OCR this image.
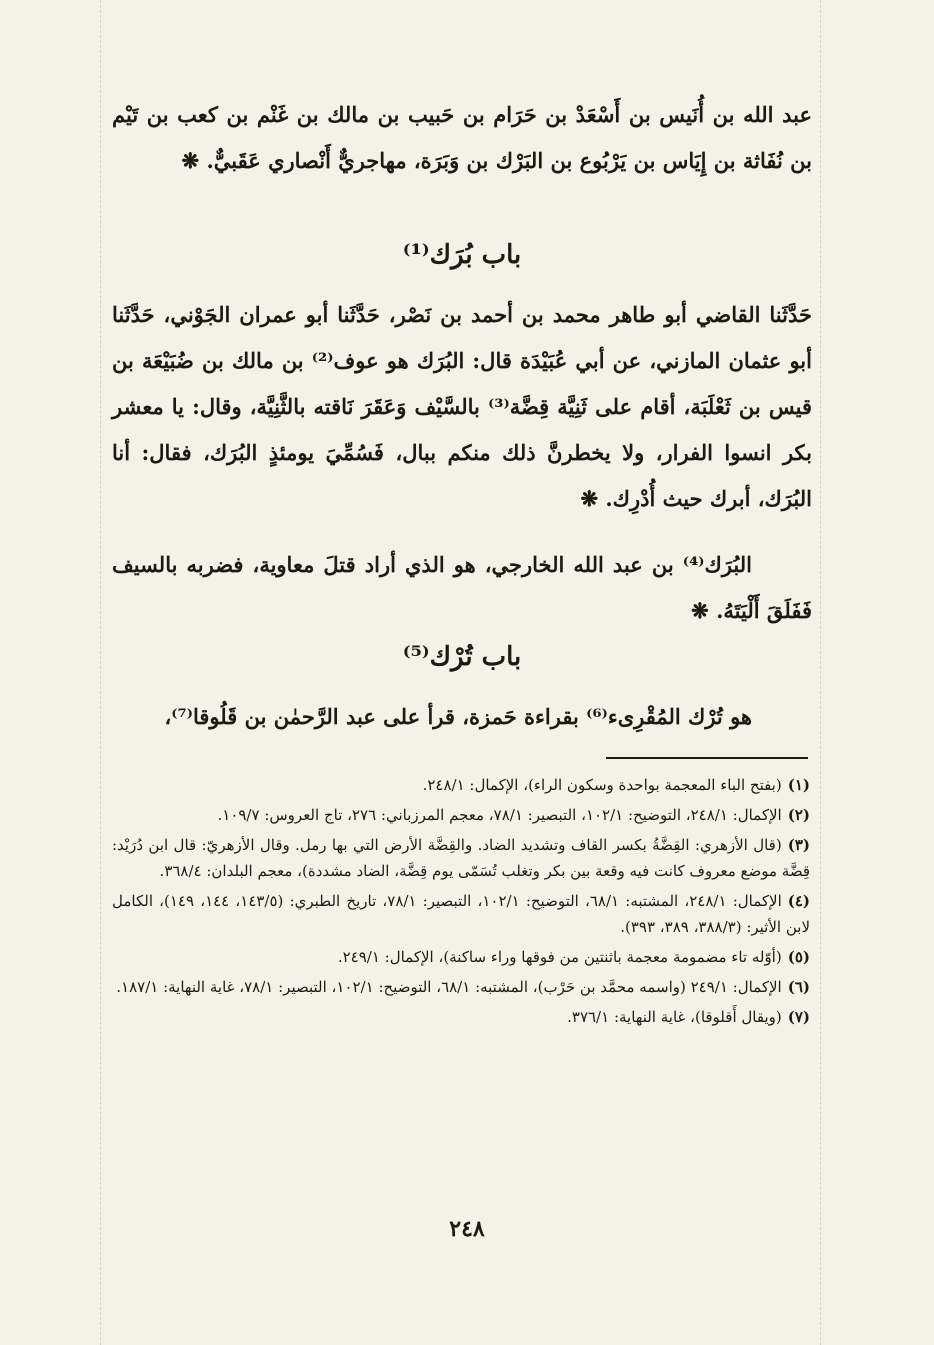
عبد الله بن أُنَيس بن أَسْعَدْ بن حَرَام بن حَبيب بن مالك بن غَنْم بن كعب بن تَيْم بن نُفَاثة بن إِيَاس بن يَرْبُوع بن البَرْك بن وَبَرَة، مهاجريٌّ أَنْصاري عَقَبيٌّ. ❋
باب بُرَك⁽¹⁾
حَدَّثَنا القاضي أبو طاهر محمد بن أحمد بن نَصْر، حَدَّثَنا أبو عمران الجَوْني، حَدَّثَنا أبو عثمان المازني، عن أبي عُبَيْدَة قال: البُرَك هو عوف⁽²⁾ بن مالك بن ضُبَيْعَة بن قيس بن ثَعْلَبَة، أقام على ثَنِيَّة قِضَّة⁽³⁾ بالسَّيْف وَعَقَرَ نَاقته بالثَّنِيَّة، وقال: يا معشر بكر انسوا الفرار، ولا يخطرنَّ ذلك منكم ببال، فَسُمِّيَ يومئذٍ البُرَك، فقال: أنا البُرَك، أبرك حيث أُدْرِك. ❋
البُرَك⁽⁴⁾ بن عبد الله الخارجي، هو الذي أراد قتلَ معاوية، فضربه بالسيف فَفَلَقَ أَلْيَتَهُ. ❋
باب تُرْك⁽⁵⁾
هو تُرْك المُقْرِىء⁽⁶⁾ بقراءة حَمزة، قرأ على عبد الرَّحمٰن بن قَلُوقا⁽⁷⁾،
(١)(بفتح الباء المعجمة بواحدة وسكون الراء)، الإكمال: ٢٤٨/١.
(٢)الإكمال: ٢٤٨/١، التوضيح: ١٠٢/١، التبصير: ٧٨/١، معجم المرزباني: ٢٧٦، تاج العروس: ١٠٩/٧.
(٣)(قال الأزهري: القِضَّةُ بكسر القاف وتشديد الضاد. والقِضَّة الأرض التي بها رمل. وقال الأزهريّ: قال ابن دُرَيْد: قِضَّة موضع معروف كانت فيه وقعة بين بكر وتغلب تُسَمّى يوم قِضَّة، الضاد مشددة)، معجم البلدان: ٣٦٨/٤.
(٤)الإكمال: ٢٤٨/١، المشتبه: ٦٨/١، التوضيح: ١٠٢/١، التبصير: ٧٨/١، تاريخ الطبري: (١٤٣/٥، ١٤٤، ١٤٩)، الكامل لابن الأثير: (٣٨٨/٣، ٣٨٩، ٣٩٣).
(٥)(أوّله تاء مضمومة معجمة باثنتين من فوقها وراء ساكنة)، الإكمال: ٢٤٩/١.
(٦)الإكمال: ٢٤٩/١ (واسمه محمَّد بن حَرْب)، المشتبه: ٦٨/١، التوضيح: ١٠٢/١، التبصير: ٧٨/١، غاية النهاية: ١٨٧/١.
(٧)(ويقال أَقلوقا)، غاية النهاية: ٣٧٦/١.
٢٤٨
